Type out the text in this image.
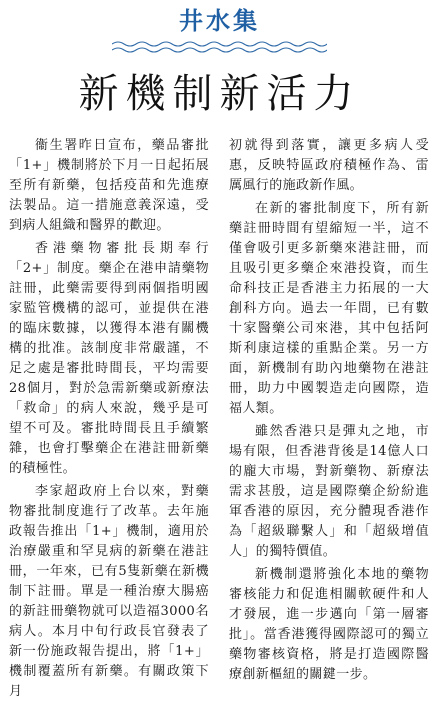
井水集
新機制新活力

衞生署昨日宣布，藥品審批「1+」機制將於下月一日起拓展至所有新藥，包括疫苗和先進療法製品。這一措施意義深遠，受到病人組織和醫界的歡迎。

香港藥物審批長期奉行「2+」制度。藥企在港申請藥物註冊，此藥需要得到兩個指明國家監管機構的認可，並提供在港的臨床數據，以獲得本港有關機構的批准。該制度非常嚴謹，不足之處是審批時間長，平均需要28個月，對於急需新藥或新療法「救命」的病人來說，幾乎是可望不可及。審批時間長且手續繁雜，也會打擊藥企在港註冊新藥的積極性。

李家超政府上台以來，對藥物審批制度進行了改革。去年施政報告推出「1+」機制，適用於治療嚴重和罕見病的新藥在港註冊，一年來，已有5隻新藥在新機制下註冊。單是一種治療大腸癌的新註冊藥物就可以造福3000名病人。本月中旬行政長官發表了新一份施政報告提出，將「1+」機制覆蓋所有新藥。有關政策下月

初就得到落實，讓更多病人受惠，反映特區政府積極作為、雷厲風行的施政新作風。

在新的審批制度下，所有新藥註冊時間有望縮短一半，這不僅會吸引更多新藥來港註冊，而且吸引更多藥企來港投資，而生命科技正是香港主力拓展的一大創科方向。過去一年間，已有數十家醫藥公司來港，其中包括阿斯利康這樣的重點企業。另一方面，新機制有助內地藥物在港註冊，助力中國製造走向國際，造福人類。

雖然香港只是彈丸之地，市場有限，但香港背後是14億人口的龐大市場，對新藥物、新療法需求甚殷，這是國際藥企紛紛進軍香港的原因，充分體現香港作為「超級聯繫人」和「超級增值人」的獨特價值。

新機制還將強化本地的藥物審核能力和促進相關軟硬件和人才發展，進一步邁向「第一層審批」。當香港獲得國際認可的獨立藥物審核資格，將是打造國際醫療創新樞紐的關鍵一步。
